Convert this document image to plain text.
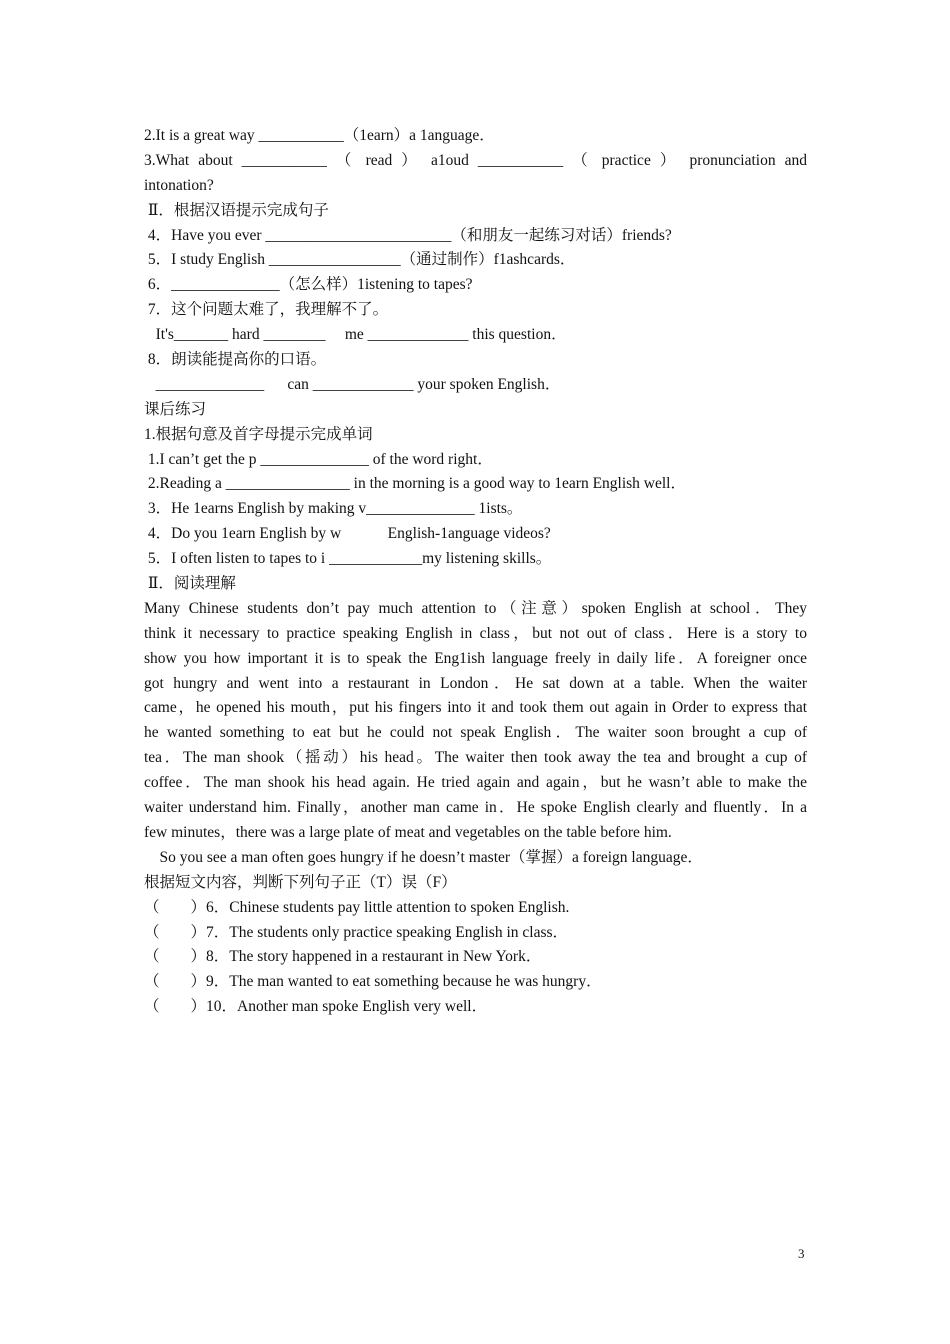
2.It is a great way ___________（1earn）a 1anguage．
3.What about ___________ （ read ） a1oud ___________ （ practice ） pronunciation and
intonation?
Ⅱ．根据汉语提示完成句子
4．Have you ever ________________________（和朋友一起练习对话）friends?
5．I study English _________________（通过制作）f1ashcards．
6．______________（怎么样）1istening to tapes?
7．这个问题太难了，我理解不了。
It's_______ hard ________     me _____________ this question．
8．朗读能提高你的口语。
______________      can _____________ your spoken English．
课后练习
1.根据句意及首字母提示完成单词
1.I can’t get the p ______________ of the word right．
2.Reading a ________________ in the morning is a good way to 1earn English well．
3．He 1earns English by making v______________ 1ists。
4．Do you 1earn English by w            English-1anguage videos?
5．I often listen to tapes to i ____________my listening skills。
Ⅱ．阅读理解
Many Chinese students don’t pay much attention to（注意）spoken English at school．They
think it necessary to practice speaking English in class，but not out of class．Here is a story to
show you how important it is to speak the Eng1ish language freely in daily life．A foreigner once
got hungry and went into a restaurant in London．He sat down at a table. When the waiter
came，he opened his mouth，put his fingers into it and took them out again in Order to express that
he wanted something to eat but he could not speak English．The waiter soon brought a cup of
tea．The man shook（摇动）his head。The waiter then took away the tea and brought a cup of
coffee．The man shook his head again. He tried again and again，but he wasn’t able to make the
waiter understand him. Finally，another man came in．He spoke English clearly and fluently．In a
few minutes，there was a large plate of meat and vegetables on the table before him.
So you see a man often goes hungry if he doesn’t master（掌握）a foreign language．
根据短文内容，判断下列句子正（T）误（F）
（        ）6．Chinese students pay little attention to spoken English.
（        ）7．The students only practice speaking English in class．
（        ）8．The story happened in a restaurant in New York．
（        ）9．The man wanted to eat something because he was hungry．
（        ）10．Another man spoke English very well．
3
